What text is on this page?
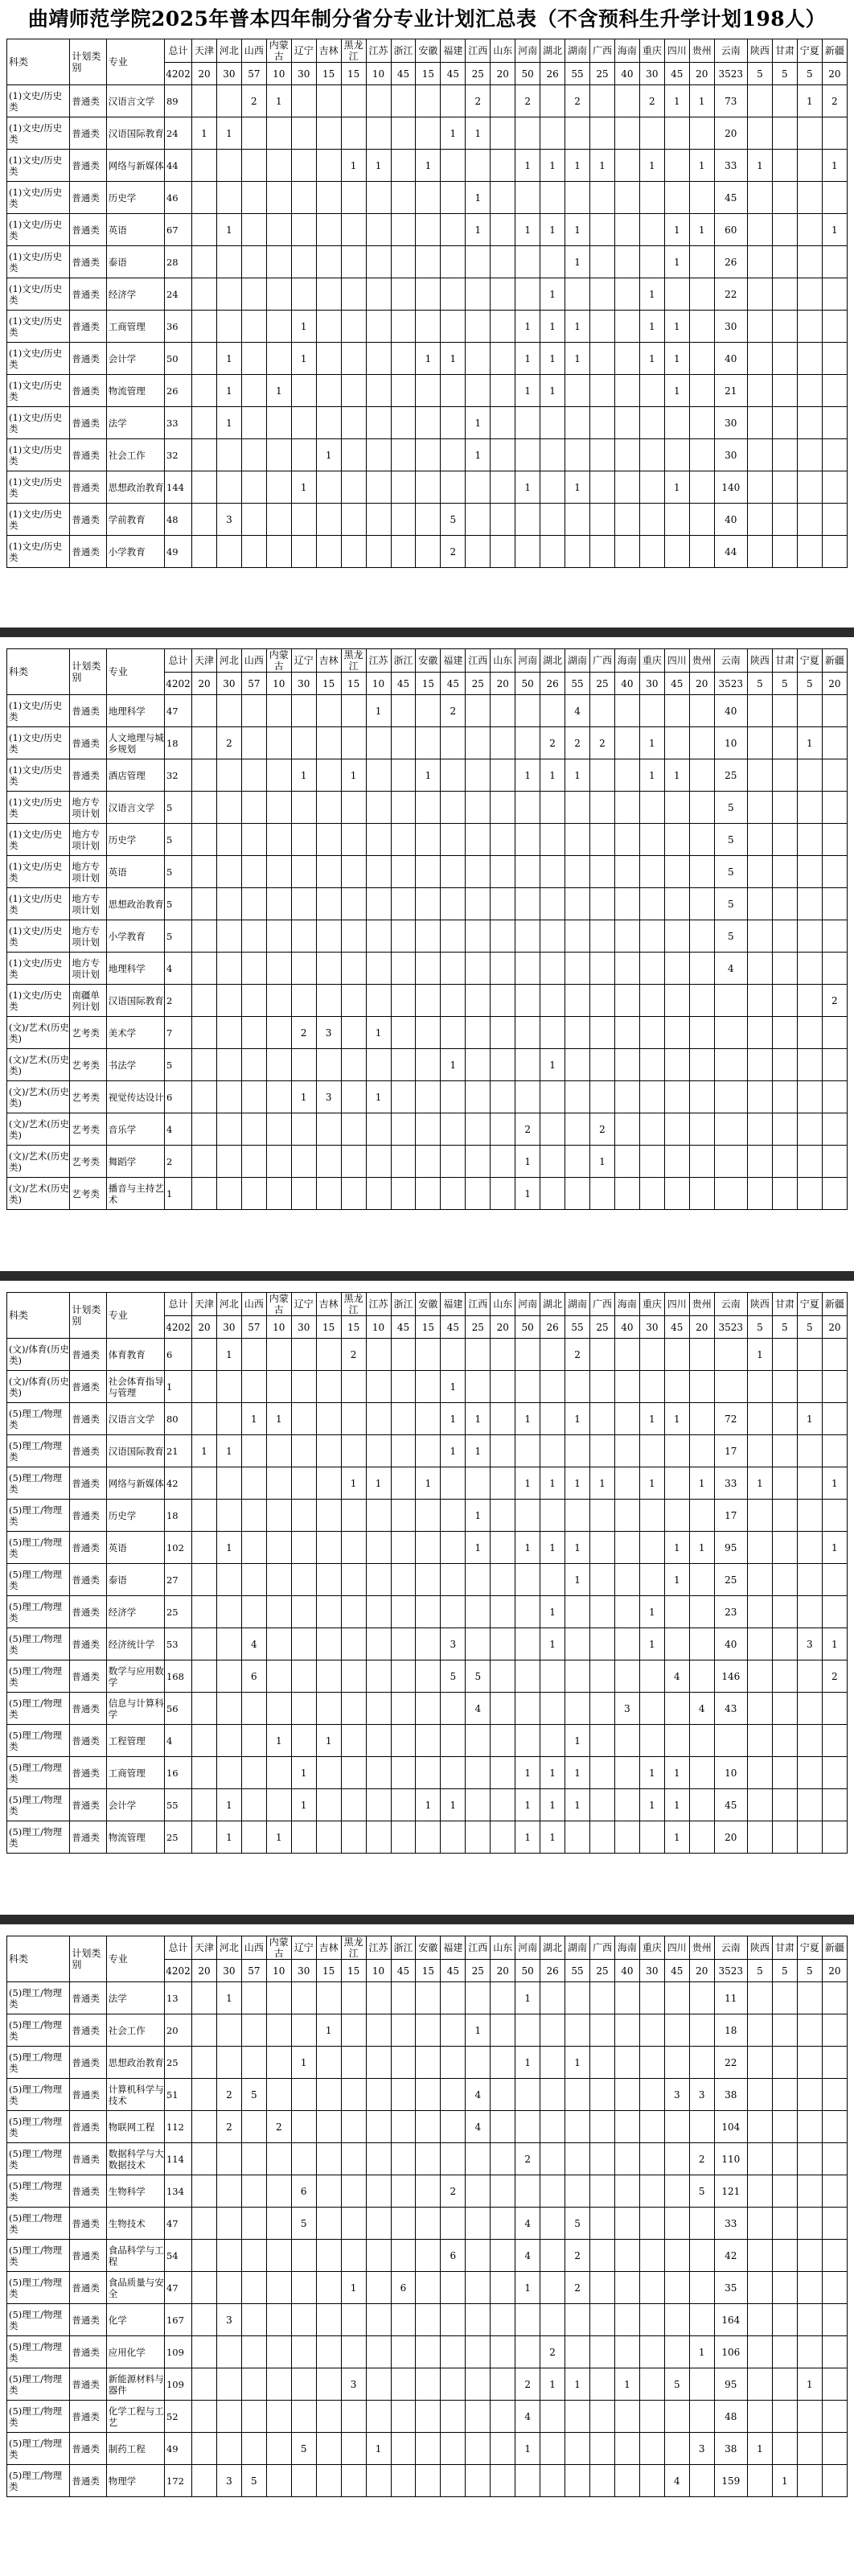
曲靖师范学院2025年普本四年制分省分专业计划汇总表（不含预科生升学计划198人）
科类	计划类别	专业	总计	天津	河北	山西	内蒙古	辽宁	吉林	黑龙江	江苏	浙江	安徽	福建	江西	山东	河南	湖北	湖南	广西	海南	重庆	四川	贵州	云南	陕西	甘肃	宁夏	新疆
			4202	20	30	57	10	30	15	15	10	45	15	45	25	20	50	26	55	25	40	30	45	20	3523	5	5	5	20
(1)文史/历史类	普通类	汉语言文学	89			2	1								2		2		2			2	1	1	73			1	2
(1)文史/历史类	普通类	汉语国际教育	24	1	1									1	1										20				
(1)文史/历史类	普通类	网络与新媒体	44							1	1		1				1	1	1	1		1		1	33	1			1
(1)文史/历史类	普通类	历史学	46												1										45				
(1)文史/历史类	普通类	英语	67		1										1		1	1	1				1	1	60				1
(1)文史/历史类	普通类	泰语	28																1				1		26				
(1)文史/历史类	普通类	经济学	24															1				1			22				
(1)文史/历史类	普通类	工商管理	36					1									1	1	1			1	1		30				
(1)文史/历史类	普通类	会计学	50		1			1					1	1			1	1	1			1	1		40				
(1)文史/历史类	普通类	物流管理	26		1		1										1	1					1		21				
(1)文史/历史类	普通类	法学	33		1										1										30				
(1)文史/历史类	普通类	社会工作	32						1						1										30				
(1)文史/历史类	普通类	思想政治教育	144					1									1		1				1		140				
(1)文史/历史类	普通类	学前教育	48		3									5											40				
(1)文史/历史类	普通类	小学教育	49											2											44				
科类	计划类别	专业	总计	天津	河北	山西	内蒙古	辽宁	吉林	黑龙江	江苏	浙江	安徽	福建	江西	山东	河南	湖北	湖南	广西	海南	重庆	四川	贵州	云南	陕西	甘肃	宁夏	新疆
			4202	20	30	57	10	30	15	15	10	45	15	45	25	20	50	26	55	25	40	30	45	20	3523	5	5	5	20
(1)文史/历史类	普通类	地理科学	47								1			2					4						40				
(1)文史/历史类	普通类	人文地理与城乡规划	18		2													2	2	2		1			10			1	
(1)文史/历史类	普通类	酒店管理	32					1		1			1				1	1	1			1	1		25				
(1)文史/历史类	地方专项计划	汉语言文学	5																						5				
(1)文史/历史类	地方专项计划	历史学	5																						5				
(1)文史/历史类	地方专项计划	英语	5																						5				
(1)文史/历史类	地方专项计划	思想政治教育	5																						5				
(1)文史/历史类	地方专项计划	小学教育	5																						5				
(1)文史/历史类	地方专项计划	地理科学	4																						4				
(1)文史/历史类	南疆单列计划	汉语国际教育	2																										2
(文)/艺术(历史类)	艺考类	美术学	7					2	3		1																		
(文)/艺术(历史类)	艺考类	书法学	5											1				1											
(文)/艺术(历史类)	艺考类	视觉传达设计	6					1	3		1																		
(文)/艺术(历史类)	艺考类	音乐学	4														2			2									
(文)/艺术(历史类)	艺考类	舞蹈学	2														1			1									
(文)/艺术(历史类)	艺考类	播音与主持艺术	1														1												
科类	计划类别	专业	总计	天津	河北	山西	内蒙古	辽宁	吉林	黑龙江	江苏	浙江	安徽	福建	江西	山东	河南	湖北	湖南	广西	海南	重庆	四川	贵州	云南	陕西	甘肃	宁夏	新疆
			4202	20	30	57	10	30	15	15	10	45	15	45	25	20	50	26	55	25	40	30	45	20	3523	5	5	5	20
(文)/体育(历史类)	普通类	体育教育	6		1					2									2							1			
(文)/体育(历史类)	普通类	社会体育指导与管理	1											1															
(5)理工/物理类	普通类	汉语言文学	80			1	1							1	1		1		1			1	1		72			1	
(5)理工/物理类	普通类	汉语国际教育	21	1	1									1	1										17				
(5)理工/物理类	普通类	网络与新媒体	42							1	1		1				1	1	1	1		1		1	33	1			1
(5)理工/物理类	普通类	历史学	18												1										17				
(5)理工/物理类	普通类	英语	102		1										1		1	1	1				1	1	95				1
(5)理工/物理类	普通类	泰语	27																1				1		25				
(5)理工/物理类	普通类	经济学	25															1				1			23				
(5)理工/物理类	普通类	经济统计学	53			4								3				1				1			40			3	1
(5)理工/物理类	普通类	数学与应用数学	168			6								5	5								4		146				2
(5)理工/物理类	普通类	信息与计算科学	56												4						3			4	43				
(5)理工/物理类	普通类	工程管理	4				1		1										1										
(5)理工/物理类	普通类	工商管理	16					1									1	1	1			1	1		10				
(5)理工/物理类	普通类	会计学	55		1			1					1	1			1	1	1			1	1		45				
(5)理工/物理类	普通类	物流管理	25		1		1										1	1					1		20				
科类	计划类别	专业	总计	天津	河北	山西	内蒙古	辽宁	吉林	黑龙江	江苏	浙江	安徽	福建	江西	山东	河南	湖北	湖南	广西	海南	重庆	四川	贵州	云南	陕西	甘肃	宁夏	新疆
			4202	20	30	57	10	30	15	15	10	45	15	45	25	20	50	26	55	25	40	30	45	20	3523	5	5	5	20
(5)理工/物理类	普通类	法学	13		1												1								11				
(5)理工/物理类	普通类	社会工作	20						1						1										18				
(5)理工/物理类	普通类	思想政治教育	25					1									1		1						22				
(5)理工/物理类	普通类	计算机科学与技术	51		2	5									4								3	3	38				
(5)理工/物理类	普通类	物联网工程	112		2		2								4										104				
(5)理工/物理类	普通类	数据科学与大数据技术	114														2							2	110				
(5)理工/物理类	普通类	生物科学	134					6						2										5	121				
(5)理工/物理类	普通类	生物技术	47					5									4		5						33				
(5)理工/物理类	普通类	食品科学与工程	54											6			4		2						42				
(5)理工/物理类	普通类	食品质量与安全	47							1		6					1		2						35				
(5)理工/物理类	普通类	化学	167		3																				164				
(5)理工/物理类	普通类	应用化学	109															2						1	106				
(5)理工/物理类	普通类	新能源材料与器件	109							3							2	1	1		1		5		95			1	
(5)理工/物理类	普通类	化学工程与工艺	52														4								48				
(5)理工/物理类	普通类	制药工程	49					5			1						1							3	38	1			
(5)理工/物理类	普通类	物理学	172		3	5																	4		159		1		
